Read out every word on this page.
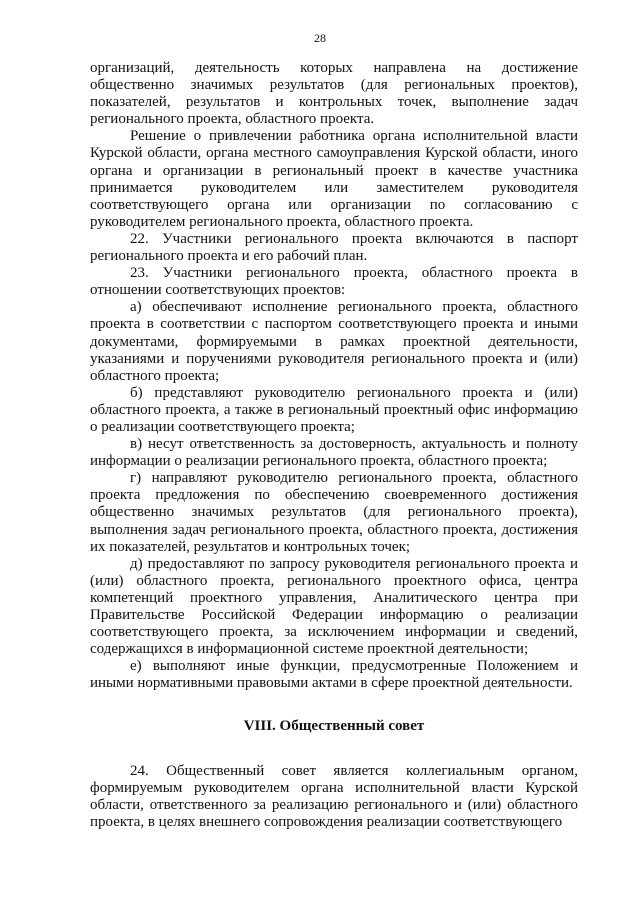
28

организаций, деятельность которых направлена на достижение общественно значимых результатов (для региональных проектов), показателей, результатов и контрольных точек, выполнение задач регионального проекта, областного проекта.

Решение о привлечении работника органа исполнительной власти Курской области, органа местного самоуправления Курской области, иного органа и организации в региональный проект в качестве участника принимается руководителем или заместителем руководителя соответствующего органа или организации по согласованию с руководителем регионального проекта, областного проекта.

22. Участники регионального проекта включаются в паспорт регионального проекта и его рабочий план.

23. Участники регионального проекта, областного проекта в отношении соответствующих проектов:

а) обеспечивают исполнение регионального проекта, областного проекта в соответствии с паспортом соответствующего проекта и иными документами, формируемыми в рамках проектной деятельности, указаниями и поручениями руководителя регионального проекта и (или) областного проекта;

б) представляют руководителю регионального проекта и (или) областного проекта, а также в региональный проектный офис информацию о реализации соответствующего проекта;

в) несут ответственность за достоверность, актуальность и полноту информации о реализации регионального проекта, областного проекта;

г) направляют руководителю регионального проекта, областного проекта предложения по обеспечению своевременного достижения общественно значимых результатов (для регионального проекта), выполнения задач регионального проекта, областного проекта, достижения их показателей, результатов и контрольных точек;

д) предоставляют по запросу руководителя регионального проекта и (или) областного проекта, регионального проектного офиса, центра компетенций проектного управления, Аналитического центра при Правительстве Российской Федерации информацию о реализации соответствующего проекта, за исключением информации и сведений, содержащихся в информационной системе проектной деятельности;

е) выполняют иные функции, предусмотренные Положением и иными нормативными правовыми актами в сфере проектной деятельности.

VIII. Общественный совет

24. Общественный совет является коллегиальным органом, формируемым руководителем органа исполнительной власти Курской области, ответственного за реализацию регионального и (или) областного проекта, в целях внешнего сопровождения реализации соответствующего
